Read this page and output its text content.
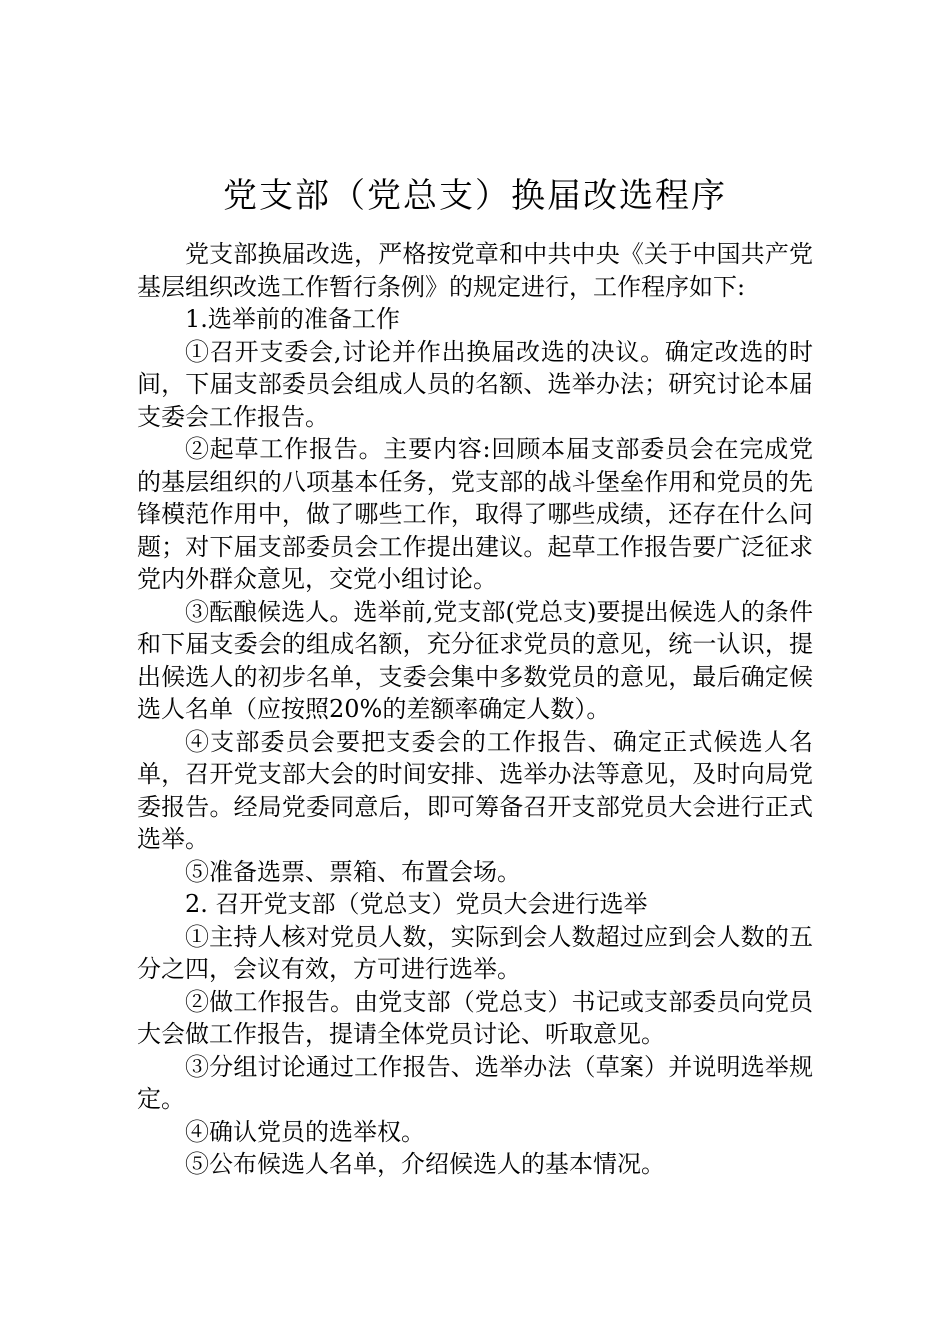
党支部（党总支）换届改选程序

党支部换届改选，严格按党章和中共中央《关于中国共产党基层组织改选工作暂行条例》的规定进行，工作程序如下:

1.选举前的准备工作

①召开支委会,讨论并作出换届改选的决议。确定改选的时间，下届支部委员会组成人员的名额、选举办法；研究讨论本届支委会工作报告。

②起草工作报告。主要内容:回顾本届支部委员会在完成党的基层组织的八项基本任务，党支部的战斗堡垒作用和党员的先锋模范作用中，做了哪些工作，取得了哪些成绩，还存在什么问题；对下届支部委员会工作提出建议。起草工作报告要广泛征求党内外群众意见，交党小组讨论。

③酝酿候选人。选举前,党支部(党总支)要提出候选人的条件和下届支委会的组成名额，充分征求党员的意见，统一认识，提出候选人的初步名单，支委会集中多数党员的意见，最后确定候选人名单（应按照20%的差额率确定人数）。

④支部委员会要把支委会的工作报告、确定正式候选人名单，召开党支部大会的时间安排、选举办法等意见，及时向局党委报告。经局党委同意后，即可筹备召开支部党员大会进行正式选举。

⑤准备选票、票箱、布置会场。

2. 召开党支部（党总支）党员大会进行选举

①主持人核对党员人数，实际到会人数超过应到会人数的五分之四，会议有效，方可进行选举。

②做工作报告。由党支部（党总支）书记或支部委员向党员大会做工作报告，提请全体党员讨论、听取意见。

③分组讨论通过工作报告、选举办法（草案）并说明选举规定。

④确认党员的选举权。

⑤公布候选人名单，介绍候选人的基本情况。
